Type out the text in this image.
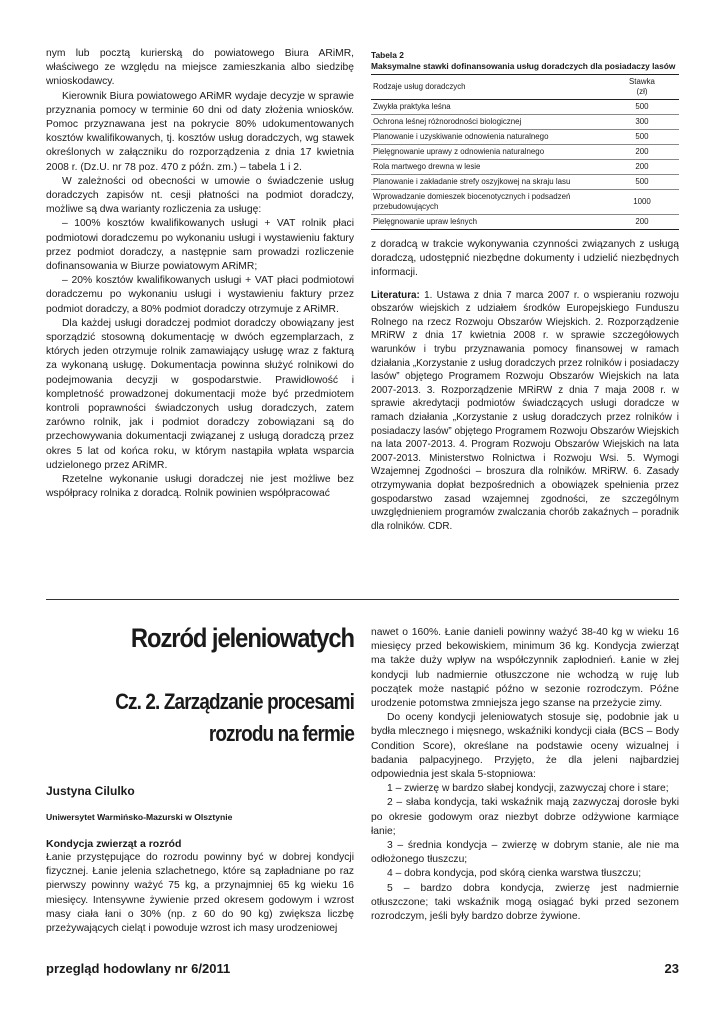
nym lub pocztą kurierską do powiatowego Biura ARiMR, właściwego ze względu na miejsce zamieszkania albo siedzibę wnioskodawcy.

Kierownik Biura powiatowego ARiMR wydaje decyzje w sprawie przyznania pomocy w terminie 60 dni od daty złożenia wniosków. Pomoc przyznawana jest na pokrycie 80% udokumentowanych kosztów kwalifikowanych, tj. kosztów usług doradczych, wg stawek określonych w załączniku do rozporządzenia z dnia 17 kwietnia 2008 r. (Dz.U. nr 78 poz. 470 z późn. zm.) – tabela 1 i 2.

W zależności od obecności w umowie o świadczenie usług doradczych zapisów nt. cesji płatności na podmiot doradczy, możliwe są dwa warianty rozliczenia za usługę:

– 100% kosztów kwalifikowanych usługi + VAT rolnik płaci podmiotowi doradczemu po wykonaniu usługi i wystawieniu faktury przez podmiot doradczy, a następnie sam prowadzi rozliczenie dofinansowania w Biurze powiatowym ARiMR;

– 20% kosztów kwalifikowanych usługi + VAT płaci podmiotowi doradczemu po wykonaniu usługi i wystawieniu faktury przez podmiot doradczy, a 80% podmiot doradczy otrzymuje z ARiMR.

Dla każdej usługi doradczej podmiot doradczy obowiązany jest sporządzić stosowną dokumentację w dwóch egzemplarzach, z których jeden otrzymuje rolnik zamawiający usługę wraz z fakturą za wykonaną usługę. Dokumentacja powinna służyć rolnikowi do podejmowania decyzji w gospodarstwie. Prawidłowość i kompletność prowadzonej dokumentacji może być przedmiotem kontroli poprawności świadczonych usług doradczych, zatem zarówno rolnik, jak i podmiot doradczy zobowiązani są do przechowywania dokumentacji związanej z usługą doradczą przez okres 5 lat od końca roku, w którym nastąpiła wpłata wsparcia udzielonego przez ARiMR.

Rzetelne wykonanie usługi doradczej nie jest możliwe bez współpracy rolnika z doradcą. Rolnik powinien współpracować

Tabela 2

Maksymalne stawki dofinansowania usług doradczych dla posiadaczy lasów

Rodzaje usług doradczych	Stawka
(zł)

Zwykła praktyka leśna	500
Ochrona leśnej różnorodności biologicznej	300
Planowanie i uzyskiwanie odnowienia naturalnego	500
Pielęgnowanie uprawy z odnowienia naturalnego	200
Rola martwego drewna w lesie	200
Planowanie i zakładanie strefy oszyjkowej na skraju lasu	500
Wprowadzanie domieszek biocenotycznych i podsadzeń przebudowujących	1000
Pielęgnowanie upraw leśnych	200

z doradcą w trakcie wykonywania czynności związanych z usługą doradczą, udostępnić niezbędne dokumenty i udzielić niezbędnych informacji.

Literatura: 1. Ustawa z dnia 7 marca 2007 r. o wspieraniu rozwoju obszarów wiejskich z udziałem środków Europejskiego Funduszu Rolnego na rzecz Rozwoju Obszarów Wiejskich. 2. Rozporządzenie MRiRW z dnia 17 kwietnia 2008 r. w sprawie szczegółowych warunków i trybu przyznawania pomocy finansowej w ramach działania „Korzystanie z usług doradczych przez rolników i posiadaczy lasów” objętego Programem Rozwoju Obszarów Wiejskich na lata 2007-2013. 3. Rozporządzenie MRiRW z dnia 7 maja 2008 r. w sprawie akredytacji podmiotów świadczących usługi doradcze w ramach działania „Korzystanie z usług doradczych przez rolników i posiadaczy lasów” objętego Programem Rozwoju Obszarów Wiejskich na lata 2007-2013. 4. Program Rozwoju Obszarów Wiejskich na lata 2007-2013. Ministerstwo Rolnictwa i Rozwoju Wsi. 5. Wymogi Wzajemnej Zgodności – broszura dla rolników. MRiRW. 6. Zasady otrzymywania dopłat bezpośrednich a obowiązek spełnienia przez gospodarstwo zasad wzajemnej zgodności, ze szczególnym uwzględnieniem programów zwalczania chorób zakaźnych – poradnik dla rolników. CDR.

Rozród jeleniowatych
Cz. 2. Zarządzanie procesami
rozrodu na fermie

Justyna Cilulko

Uniwersytet Warmińsko-Mazurski w Olsztynie

Kondycja zwierząt a rozród

Łanie przystępujące do rozrodu powinny być w dobrej kondycji fizycznej. Łanie jelenia szlachetnego, które są zapładniane po raz pierwszy powinny ważyć 75 kg, a przynajmniej 65 kg wieku 16 miesięcy. Intensywne żywienie przed okresem godowym i wzrost masy ciała łani o 30% (np. z 60 do 90 kg) zwiększa liczbę przeżywających cieląt i powoduje wzrost ich masy urodzeniowej

nawet o 160%. Łanie danieli powinny ważyć 38-40 kg w wieku 16 miesięcy przed bekowiskiem, minimum 36 kg. Kondycja zwierząt ma także duży wpływ na współczynnik zapłodnień. Łanie w złej kondycji lub nadmiernie otłuszczone nie wchodzą w ruję lub początek może nastąpić późno w sezonie rozrodczym. Późne urodzenie potomstwa zmniejsza jego szanse na przeżycie zimy.

Do oceny kondycji jeleniowatych stosuje się, podobnie jak u bydła mlecznego i mięsnego, wskaźniki kondycji ciała (BCS – Body Condition Score), określane na podstawie oceny wizualnej i badania palpacyjnego. Przyjęto, że dla jeleni najbardziej odpowiednia jest skala 5-stopniowa:

1 – zwierzę w bardzo słabej kondycji, zazwyczaj chore i stare;

2 – słaba kondycja, taki wskaźnik mają zazwyczaj dorosłe byki po okresie godowym oraz niezbyt dobrze odżywione karmiące łanie;

3 – średnia kondycja – zwierzę w dobrym stanie, ale nie ma odłożonego tłuszczu;

4 – dobra kondycja, pod skórą cienka warstwa tłuszczu;

5 – bardzo dobra kondycja, zwierzę jest nadmiernie otłuszczone; taki wskaźnik mogą osiągać byki przed sezonem rozrodczym, jeśli były bardzo dobrze żywione.

przegląd hodowlany nr 6/2011	23
